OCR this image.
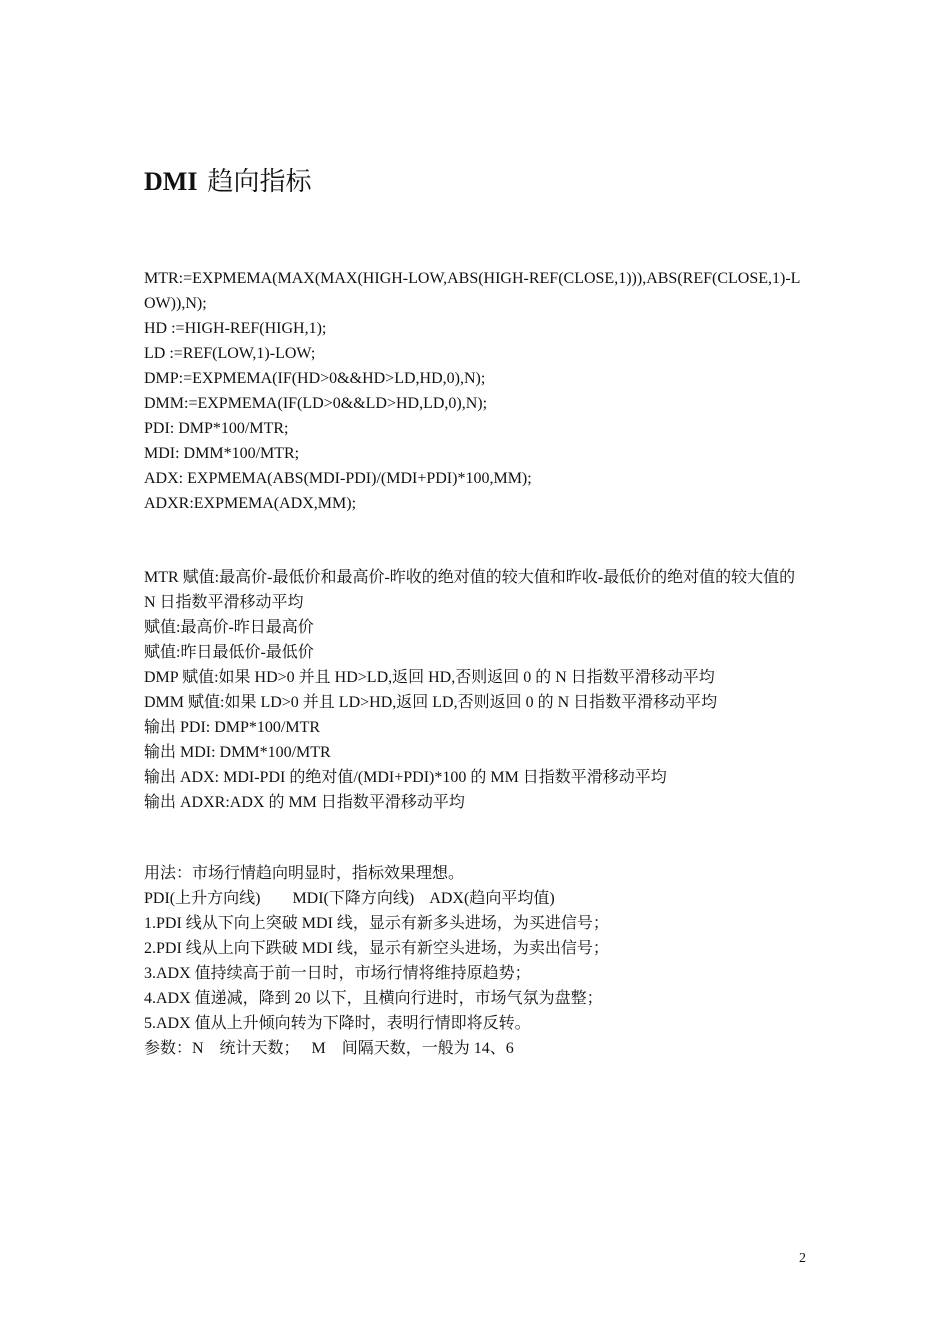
DMI 趋向指标
MTR:=EXPMEMA(MAX(MAX(HIGH-LOW,ABS(HIGH-REF(CLOSE,1))),ABS(REF(CLOSE,1)-LOW)),N);
HD :=HIGH-REF(HIGH,1);
LD :=REF(LOW,1)-LOW;
DMP:=EXPMEMA(IF(HD>0&&HD>LD,HD,0),N);
DMM:=EXPMEMA(IF(LD>0&&LD>HD,LD,0),N);
PDI: DMP*100/MTR;
MDI: DMM*100/MTR;
ADX: EXPMEMA(ABS(MDI-PDI)/(MDI+PDI)*100,MM);
ADXR:EXPMEMA(ADX,MM);
MTR 赋值:最高价-最低价和最高价-昨收的绝对值的较大值和昨收-最低价的绝对值的较大值的 N 日指数平滑移动平均
赋值:最高价-昨日最高价
赋值:昨日最低价-最低价
DMP 赋值:如果 HD>0 并且 HD>LD,返回 HD,否则返回 0 的 N 日指数平滑移动平均
DMM 赋值:如果 LD>0 并且 LD>HD,返回 LD,否则返回 0 的 N 日指数平滑移动平均
输出 PDI: DMP*100/MTR
输出 MDI: DMM*100/MTR
输出 ADX: MDI-PDI 的绝对值/(MDI+PDI)*100 的 MM 日指数平滑移动平均
输出 ADXR:ADX 的 MM 日指数平滑移动平均
用法：市场行情趋向明显时，指标效果理想。
PDI(上升方向线)        MDI(下降方向线)    ADX(趋向平均值)
1.PDI 线从下向上突破 MDI 线，显示有新多头进场，为买进信号；
2.PDI 线从上向下跌破 MDI 线，显示有新空头进场，为卖出信号；
3.ADX 值持续高于前一日时，市场行情将维持原趋势；
4.ADX 值递减，降到 20 以下，且横向行进时，市场气氛为盘整；
5.ADX 值从上升倾向转为下降时，表明行情即将反转。
参数：N    统计天数；   M    间隔天数，一般为 14、6
2
